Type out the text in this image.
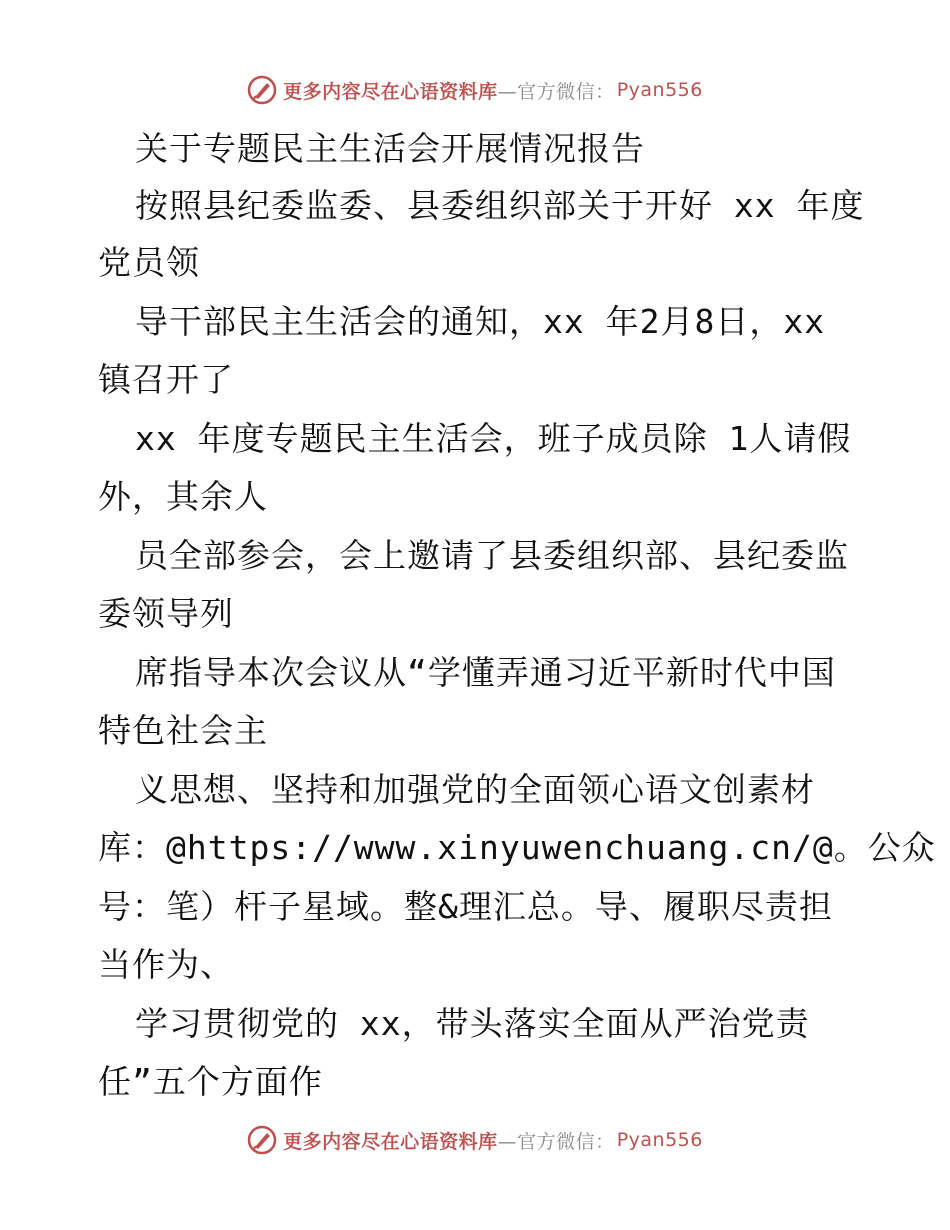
更多内容尽在心语资料库 —官方微信： Pyan556
关于专题民主生活会开展情况报告
按照县纪委监委、县委组织部关于开好 xx 年度
党员领
导干部民主生活会的通知，xx 年2月8日，xx
镇召开了
xx 年度专题民主生活会，班子成员除 1人请假
外，其余人
员全部参会，会上邀请了县委组织部、县纪委监
委领导列
席指导本次会议从“学懂弄通习近平新时代中国
特色社会主
义思想、坚持和加强党的全面领心语文创素材
库：@https://www.xinyuwenchuang.cn/@。公众
号：笔）杆子星域。整&理汇总。导、履职尽责担
当作为、
学习贯彻党的 xx，带头落实全面从严治党责
任”五个方面作
更多内容尽在心语资料库 —官方微信： Pyan556
